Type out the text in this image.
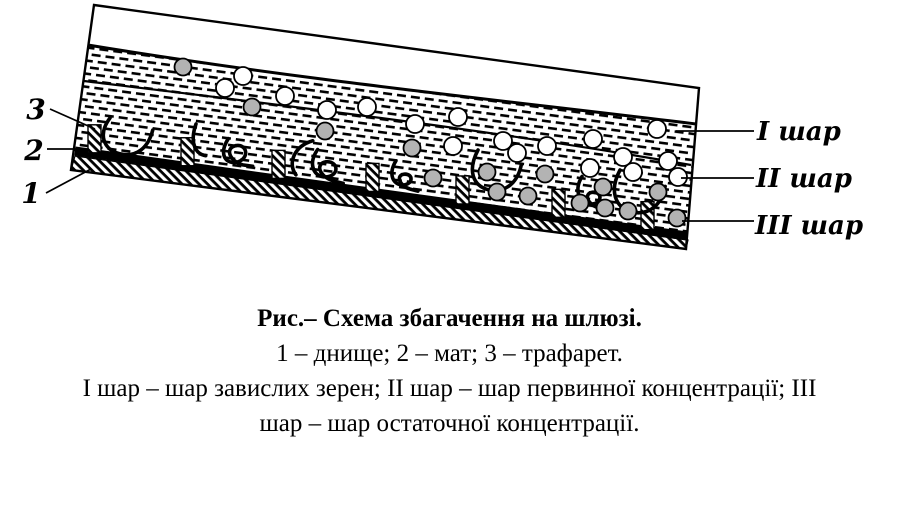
3
2
1
І шар
ІІ шар
ІІІ шар
Рис.– Схема збагачення на шлюзі.
1 – днище; 2 – мат; 3 – трафарет.
І шар – шар завислих зерен; ІІ шар – шар первинної концентрації; ІІІ
шар – шар остаточної концентрації.
